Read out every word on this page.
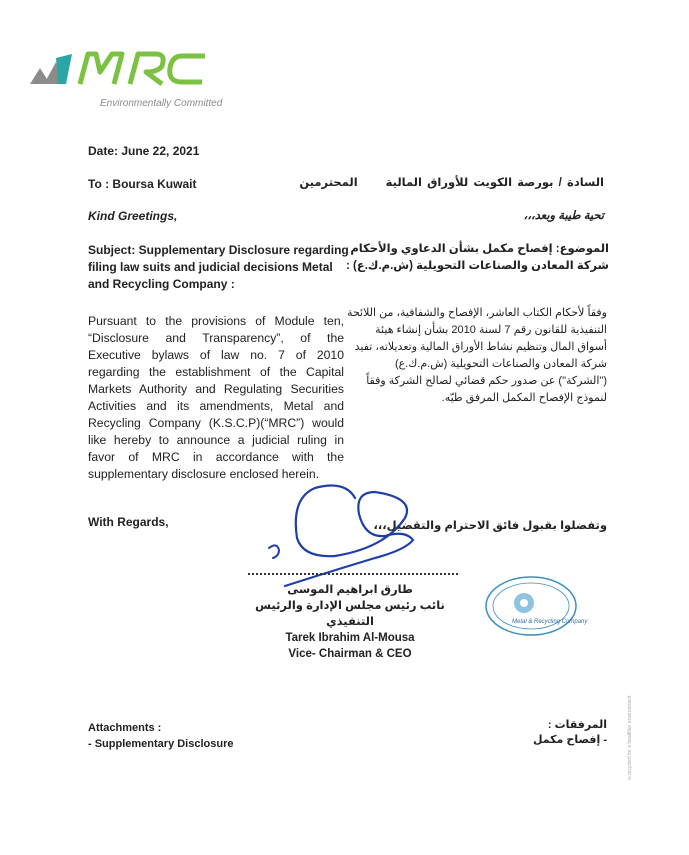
Environmentally Committed
Date: June 22, 2021
To : Boursa Kuwait
Kind Greetings,
Subject: Supplementary Disclosure regarding filing law suits and judicial decisions Metal and Recycling Company :
Pursuant to the provisions of Module ten, “Disclosure and Transparency”, of the Executive bylaws of law no. 7 of 2010 regarding the establishment of the Capital Markets Authority and Regulating Securities Activities and its amendments, Metal and Recycling Company (K.S.C.P)(“MRC”) would like hereby to announce a judicial ruling in favor of MRC in accordance with the supplementary disclosure enclosed herein.
With Regards,
السادة / بورصة الكويت للأوراق الماليةالمحترمين
تحية طيبة وبعد،،،
الموضوع: إفصاح مكمل بشأن الدعاوي والأحكام شركة المعادن والصناعات التحويلية (ش.م.ك.ع) :
وفقاً لأحكام الكتاب العاشر، الإفصاح والشفافية، من اللائحة التنفيذية للقانون رقم 7 لسنة 2010 بشأن إنشاء هيئة أسواق المال وتنظيم نشاط الأوراق المالية وتعديلاته، تفيد شركة المعادن والصناعات التحويلية (ش.م.ك.ع) ("الشركة") عن صدور حكم قضائي لصالح الشركة وفقاً لنموذج الإفصاح المكمل المرفق طيّه.
وتفضلوا بقبول فائق الاحترام والتقضيل،،،
طارق ابراهيم الموسى
نائب رئيس مجلس الإدارة والرئيس التنفيذي
Tarek Ibrahim Al-Mousa
Vice- Chairman & CEO
Metal & Recycling Company
Attachments :
- Supplementary Disclosure
المرفقات :
- إفصاح مكمل	is recycled for a healthier environment
